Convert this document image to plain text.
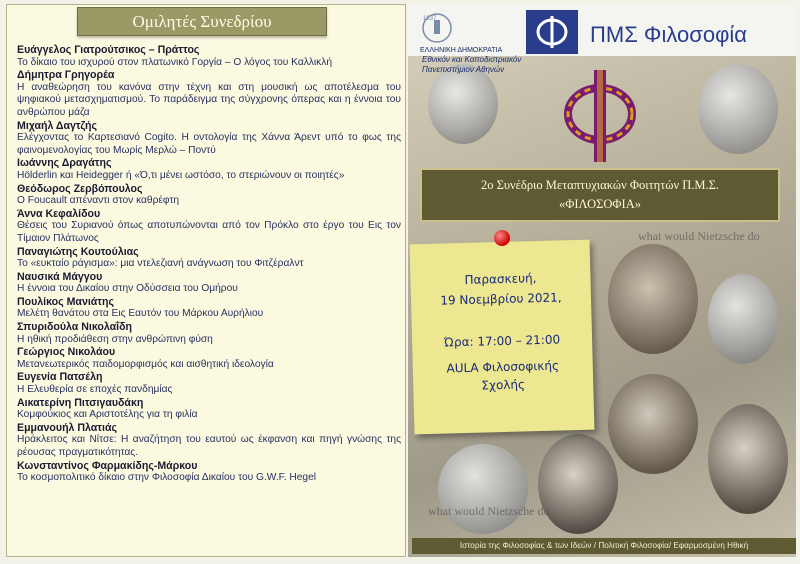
Ομιλητές Συνεδρίου
Ευάγγελος Γιατρούτσικος – Πράττος
Το δίκαιο του ισχυρού στον πλατωνικό Γοργία – Ο λόγος του Καλλικλή
Δήμητρα Γρηγορέα
Η αναθεώρηση του κανόνα στην τέχνη και στη μουσική ως αποτέλεσμα του ψηφιακού μετασχηματισμού. Το παράδειγμα της σύγχρονης όπερας και η έννοια του ανθρώπου μάζα
Μιχαήλ Δαγτζής
Ελέγχοντας το Καρτεσιανό Cogito. Η οντολογία της Χάννα Άρεντ υπό το φως της φαινομενολογίας του Μωρίς Μερλώ – Ποντύ
Ιωάννης Δραγάτης
Hölderlin και Heidegger ή «Ό,τι μένει ωστόσο, το στεριώνουν οι ποιητές»
Θεόδωρος Ζερβόπουλος
Ο Foucault απέναντι στον καθρέφτη
Άννα Κεφαλίδου
Θέσεις του Συριανού όπως αποτυπώνονται από τον Πρόκλο στο έργο του Εις τον Τίμαιον Πλάτωνος
Παναγιώτης Κουτούλιας
Το «ευκταίο ράγισμα»: μια ντελεζιανή ανάγνωση του Φιτζέραλντ
Ναυσικά Μάγγου
Η έννοια του Δικαίου στην Οδύσσεια του Ομήρου
Πουλίκος Μανιάτης
Μελέτη θανάτου στα Εις Εαυτόν του Μάρκου Αυρήλιου
Σπυριδούλα Νικολαΐδη
Η ηθική προδιάθεση στην ανθρώπινη φύση
Γεώργιος Νικολάου
Μετανεωτερικός παιδομορφισμός και αισθητική ιδεολογία
Ευγενία Πατσέλη
Η Ελευθερία σε εποχές πανδημίας
Αικατερίνη Πιτσιγαυδάκη
Κομφούκιος και Αριστοτέλης για τη φιλία
Εμμανουήλ Πλατιάς
Ηράκλειτος και Νίτσε: Η αναζήτηση του εαυτού ως έκφανση και πηγή γνώσης της ρέουσας πραγματικότητας.
Κωνσταντίνος Φαρμακίδης-Μάρκου
Το κοσμοπολιτικό δίκαιο στην Φιλοσοφία Δικαίου του G.W.F. Hegel
what would Nietzsche do
what would Nietzsche do
1837
ΕΛΛΗΝΙΚΗ ΔΗΜΟΚΡΑΤΙΑ
Εθνικόν και Καποδιστριακόν Πανεπιστήμιον Αθηνών
ΠΜΣ Φιλοσοφία
2ο Συνέδριο Μεταπτυχιακών Φοιτητών Π.Μ.Σ.
«ΦΙΛΟΣΟΦΙΑ»
Παρασκευή,
19 Νοεμβρίου 2021,
Ώρα: 17:00 – 21:00
AULA Φιλοσοφικής
Σχολής
Ιστορία της Φιλοσοφίας & των Ιδεών / Πολιτική Φιλοσοφία/ Εφαρμοσμένη Ηθική
